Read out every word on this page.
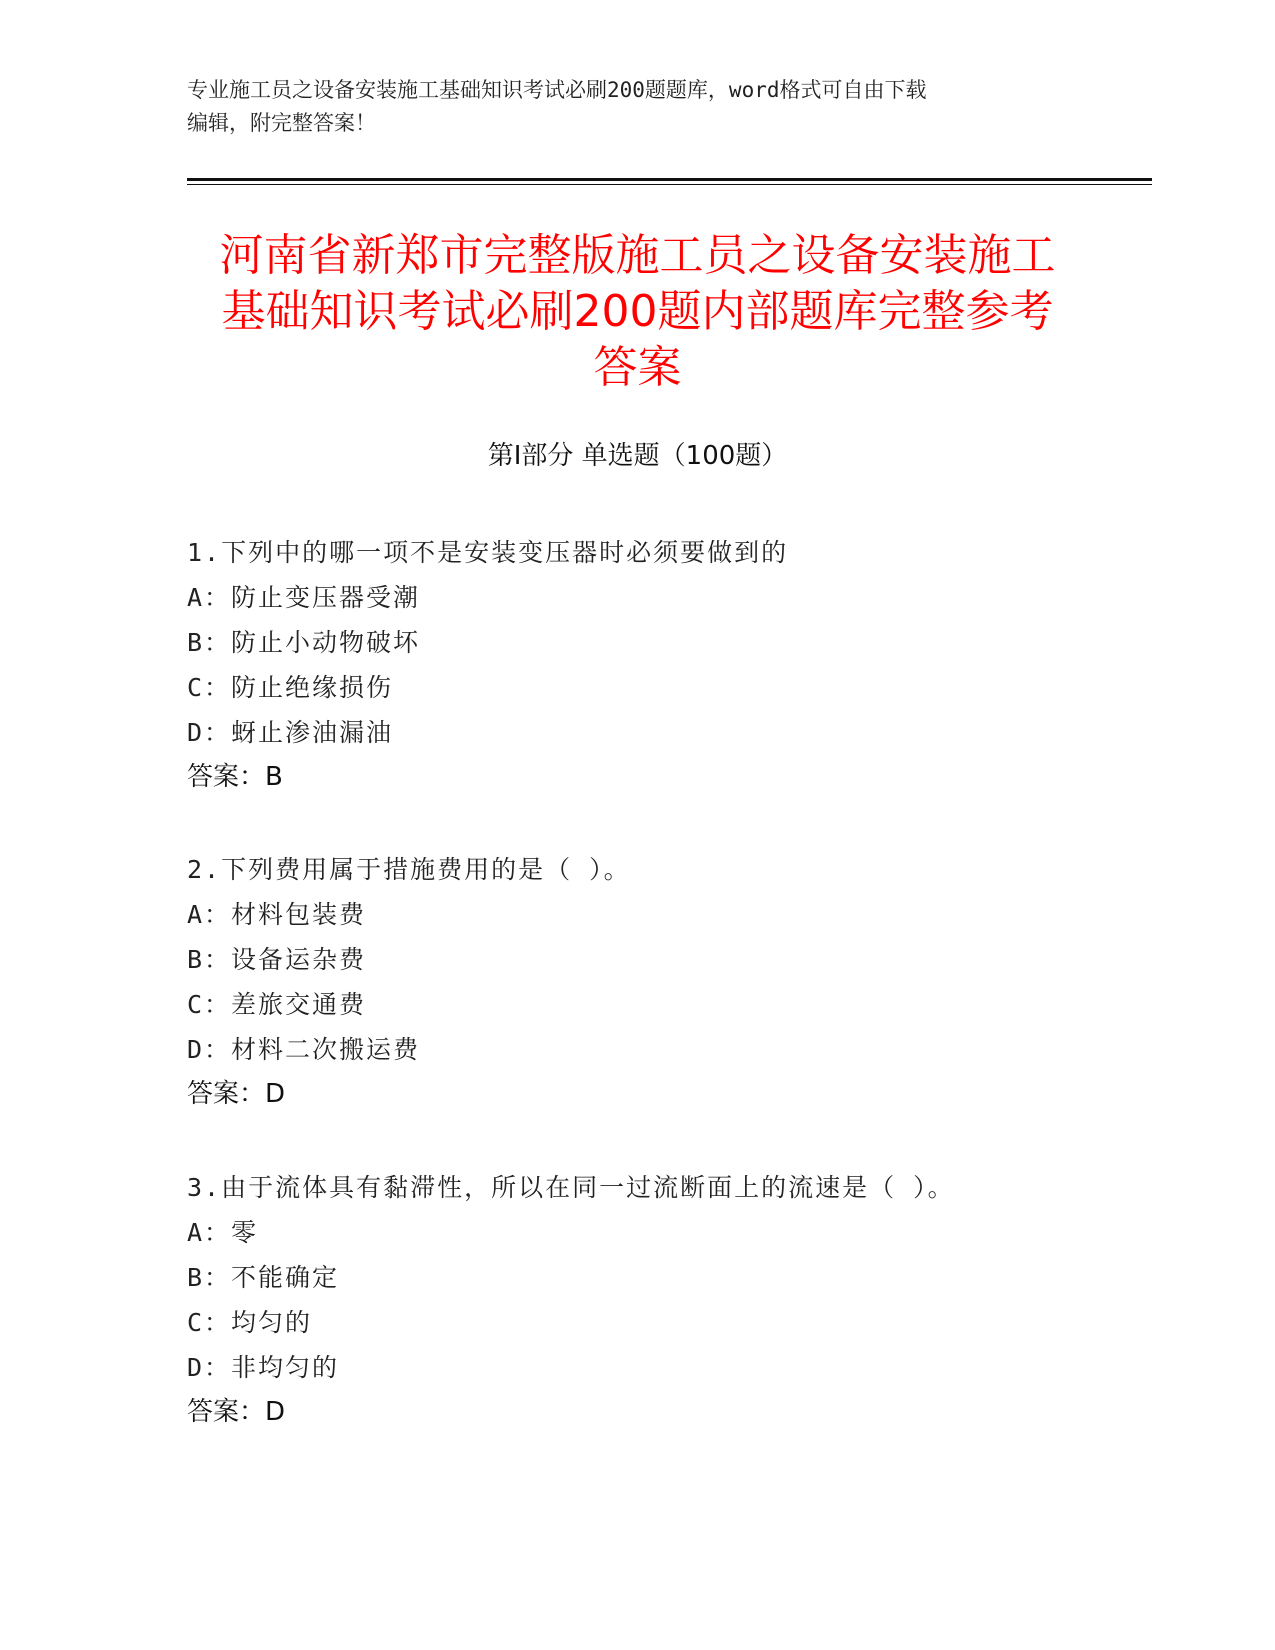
专业施工员之设备安装施工基础知识考试必刷200题题库，word格式可自由下载
编辑，附完整答案！
河南省新郑市完整版施工员之设备安装施工
基础知识考试必刷200题内部题库完整参考
答案
第Ⅰ部分 单选题（100题）
1.下列中的哪一项不是安装变压器时必须要做到的
A：防止变压器受潮
B：防止小动物破坏
C：防止绝缘损伤
D：蚜止渗油漏油
答案：B
2.下列费用属于措施费用的是（ ）。
A：材料包装费
B：设备运杂费
C：差旅交通费
D：材料二次搬运费
答案：D
3.由于流体具有黏滞性，所以在同一过流断面上的流速是（ ）。
A：零
B：不能确定
C：均匀的
D：非均匀的
答案：D
